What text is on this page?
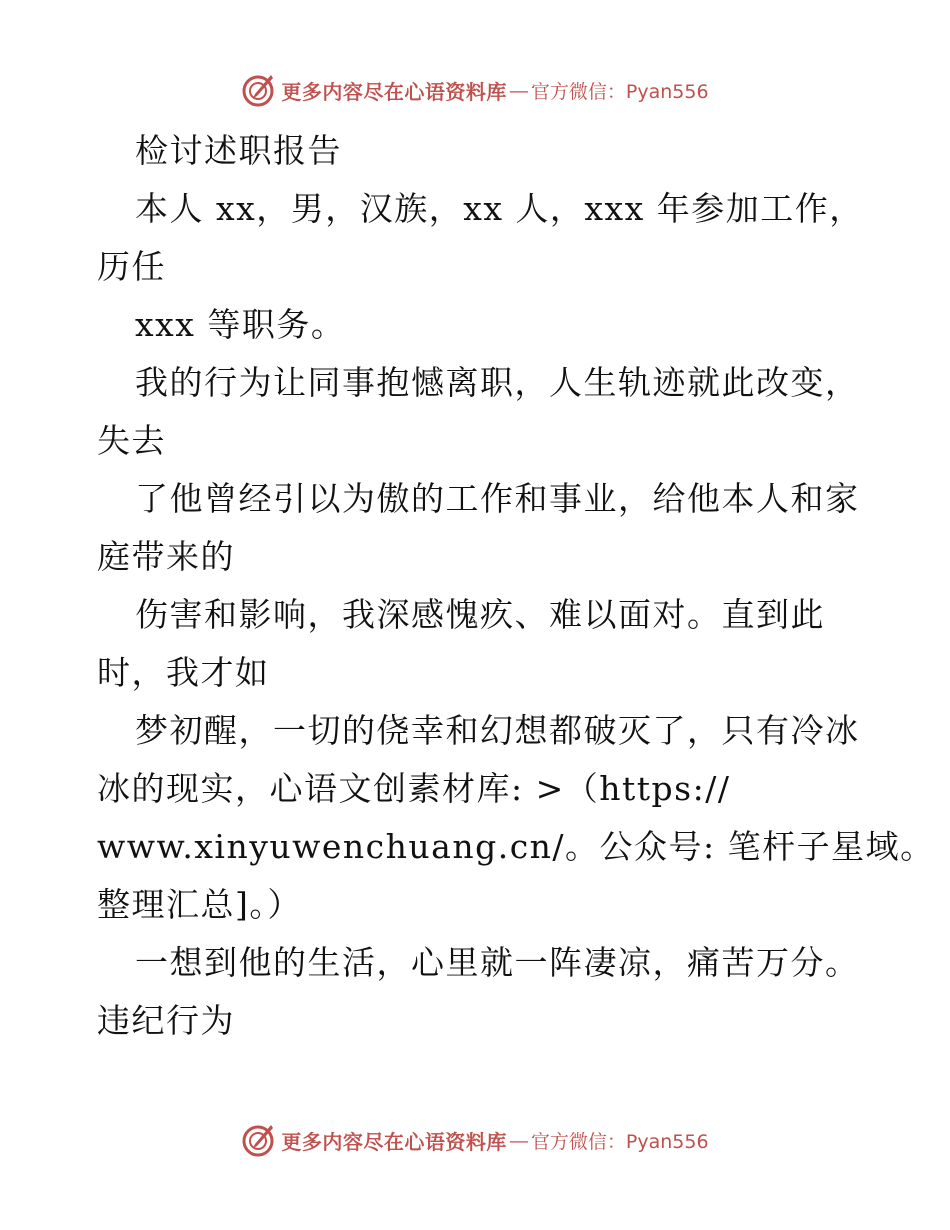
更多内容尽在心语资料库 — 官方微信：Pyan556
检讨述职报告
本人 xx，男，汉族，xx 人，xxx 年参加工作，
历任
xxx 等职务。
我的行为让同事抱憾离职，人生轨迹就此改变，
失去
了他曾经引以为傲的工作和事业，给他本人和家
庭带来的
伤害和影响，我深感愧疚、难以面对。直到此
时，我才如
梦初醒，一切的侥幸和幻想都破灭了，只有冷冰
冰的现实，心语文创素材库: >（https://
www.xinyuwenchuang.cn/。公众号: 笔杆子星域。
整理汇总]。）
一想到他的生活，心里就一阵凄凉，痛苦万分。
违纪行为
更多内容尽在心语资料库 — 官方微信：Pyan556
